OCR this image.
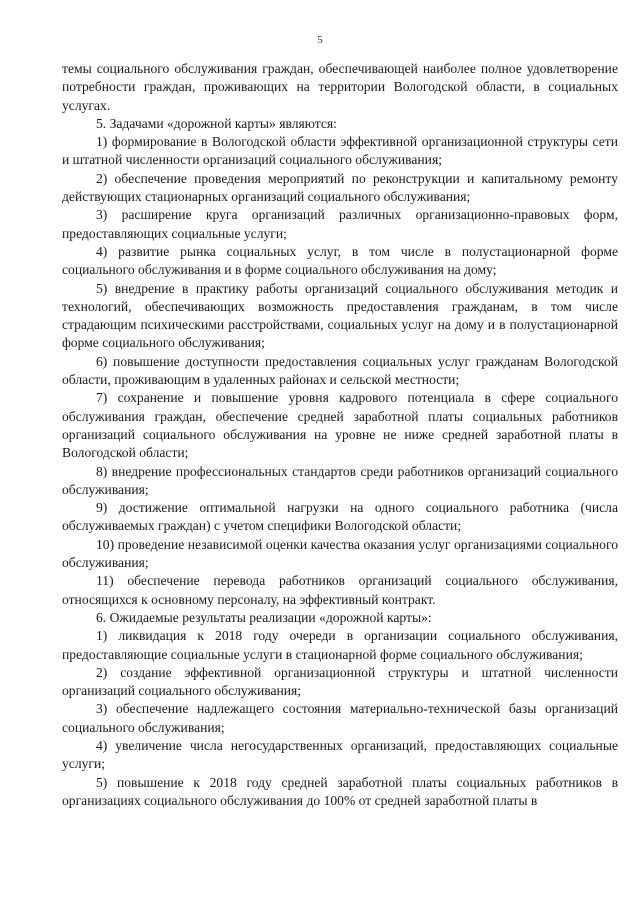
5

темы социального обслуживания граждан, обеспечивающей наиболее полное удовлетворение потребности граждан, проживающих на территории Вологодской области, в социальных услугах.

5. Задачами «дорожной карты» являются:

1) формирование в Вологодской области эффективной организационной структуры сети и штатной численности организаций социального обслуживания;

2) обеспечение проведения мероприятий по реконструкции и капитальному ремонту действующих стационарных организаций социального обслуживания;

3) расширение круга организаций различных организационно-правовых форм, предоставляющих социальные услуги;

4) развитие рынка социальных услуг, в том числе в полустационарной форме социального обслуживания и в форме социального обслуживания на дому;

5) внедрение в практику работы организаций социального обслуживания методик и технологий, обеспечивающих возможность предоставления гражданам, в том числе страдающим психическими расстройствами, социальных услуг на дому и в полустационарной форме социального обслуживания;

6) повышение доступности предоставления социальных услуг гражданам Вологодской области, проживающим в удаленных районах и сельской местности;

7) сохранение и повышение уровня кадрового потенциала в сфере социального обслуживания граждан, обеспечение средней заработной платы социальных работников организаций социального обслуживания на уровне не ниже средней заработной платы в Вологодской области;

8) внедрение профессиональных стандартов среди работников организаций социального обслуживания;

9) достижение оптимальной нагрузки на одного социального работника (числа обслуживаемых граждан) с учетом специфики Вологодской области;

10) проведение независимой оценки качества оказания услуг организациями социального обслуживания;

11) обеспечение перевода работников организаций социального обслуживания, относящихся к основному персоналу, на эффективный контракт.

6. Ожидаемые результаты реализации «дорожной карты»:

1) ликвидация к 2018 году очереди в организации социального обслуживания, предоставляющие социальные услуги в стационарной форме социального обслуживания;

2) создание эффективной организационной структуры и штатной численности организаций социального обслуживания;

3) обеспечение надлежащего состояния материально-технической базы организаций социального обслуживания;

4) увеличение числа негосударственных организаций, предоставляющих социальные услуги;

5) повышение к 2018 году средней заработной платы социальных работников в организациях социального обслуживания до 100% от средней заработной платы в
